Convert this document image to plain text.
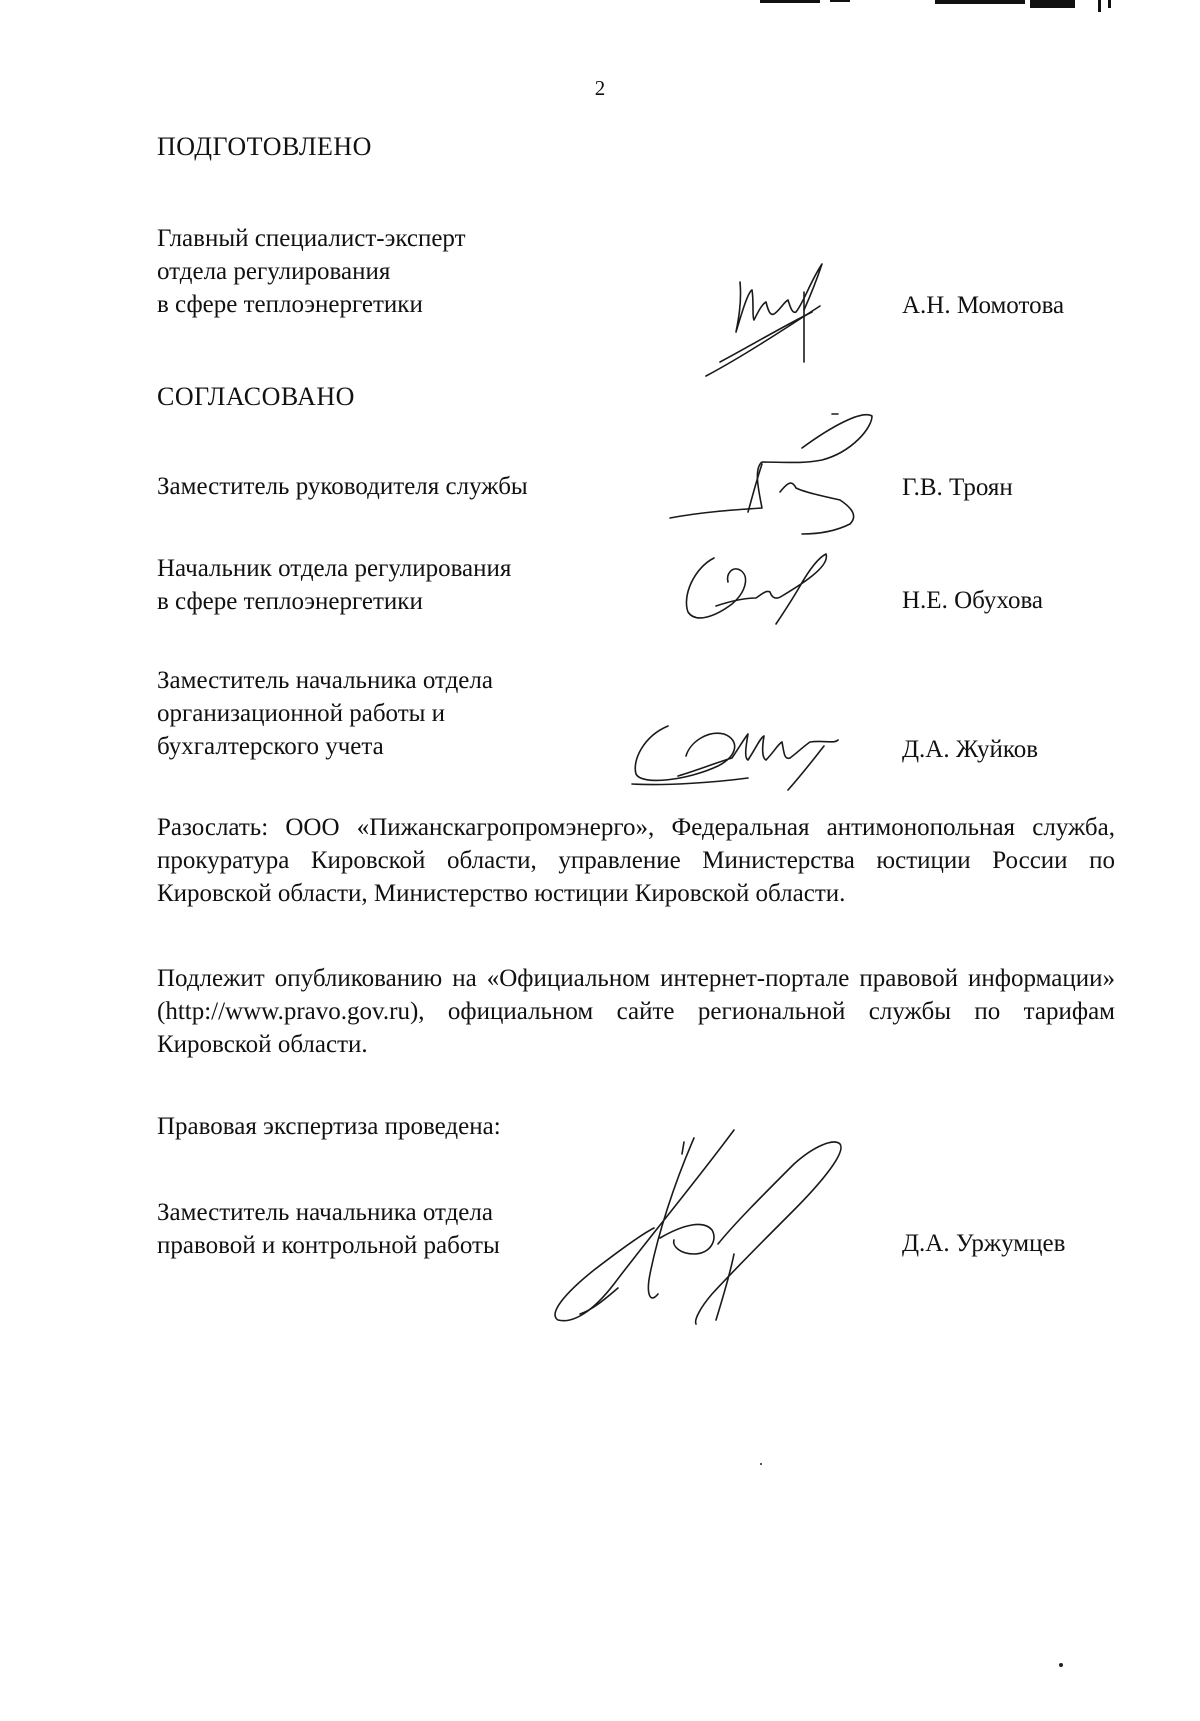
2
ПОДГОТОВЛЕНО
Главный специалист-эксперт
отдела регулирования
в сфере теплоэнергетики	А.Н. Момотова
СОГЛАСОВАНО
Заместитель руководителя службы	Г.В. Троян
Начальник отдела регулирования
в сфере теплоэнергетики	Н.Е. Обухова
Заместитель начальника отдела
организационной работы и
бухгалтерского учета	Д.А. Жуйков
Разослать: ООО «Пижанскагропромэнерго», Федеральная антимонопольная служба, прокуратура Кировской области, управление Министерства юстиции России по Кировской области, Министерство юстиции Кировской области.
Подлежит опубликованию на «Официальном интернет-портале правовой информации» (http://www.pravo.gov.ru), официальном сайте региональной службы по тарифам Кировской области.
Правовая экспертиза проведена:
Заместитель начальника отдела
правовой и контрольной работы	Д.А. Уржумцев
